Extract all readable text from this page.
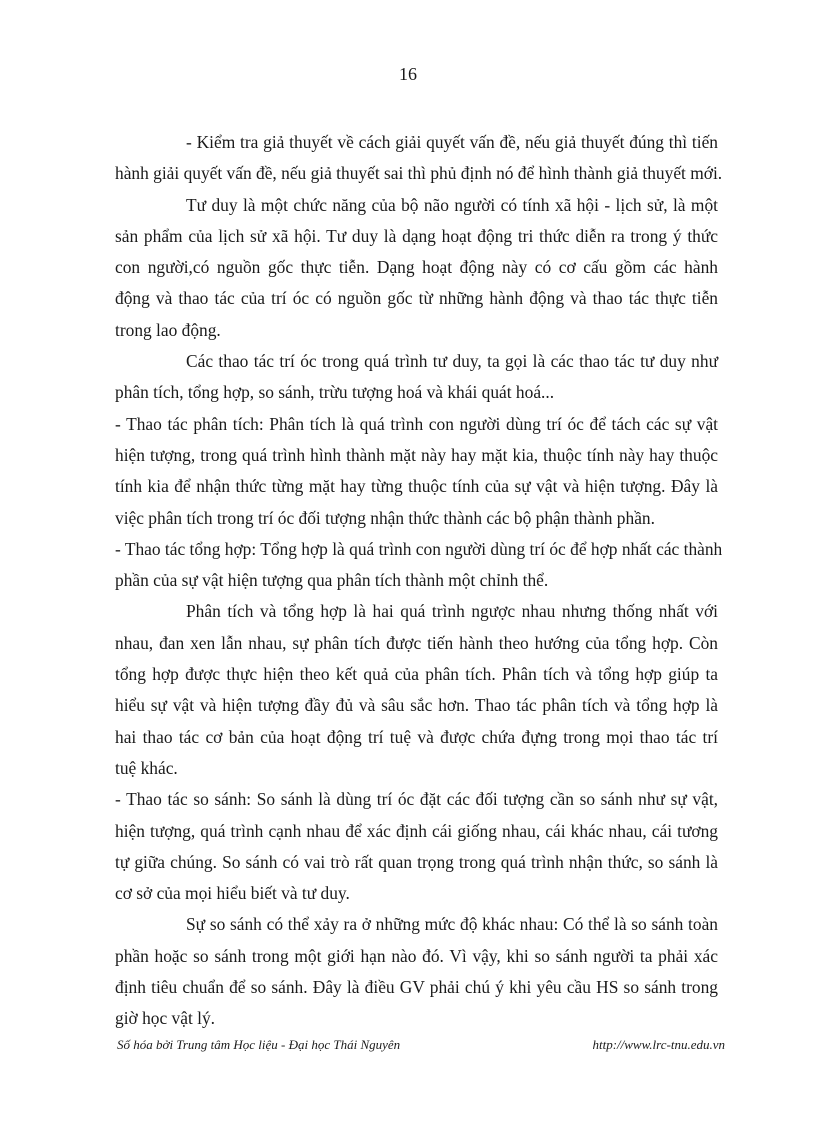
16
- Kiểm tra giả thuyết về cách giải quyết vấn đề, nếu giả thuyết đúng thì tiến
hành giải quyết vấn đề, nếu giả thuyết sai thì phủ định nó để hình thành giả thuyết mới.
Tư duy là một chức năng của bộ não người có tính xã hội - lịch sử, là một
sản phẩm của lịch sử xã hội. Tư duy là dạng hoạt động tri thức diễn ra trong ý thức
con người,có nguồn gốc thực tiễn. Dạng hoạt động này có cơ cấu gồm các hành
động và thao tác của trí óc có nguồn gốc từ những hành động và thao tác thực tiễn
trong lao động.
Các thao tác trí óc trong quá trình tư duy, ta gọi là các thao tác tư duy như
phân tích, tổng hợp, so sánh, trừu tượng hoá và khái quát hoá...
- Thao tác phân tích: Phân tích là quá trình con người dùng trí óc để tách các sự vật
hiện tượng, trong quá trình hình thành mặt này hay mặt kia, thuộc tính này hay thuộc
tính kia để nhận thức từng mặt hay từng thuộc tính của sự vật và hiện tượng. Đây là
việc phân tích trong trí óc đối tượng nhận thức thành các bộ phận thành phần.
- Thao tác tổng hợp: Tổng hợp là quá trình con người dùng trí óc để hợp nhất các thành
phần của sự vật hiện tượng qua phân tích thành một chỉnh thể.
Phân tích và tổng hợp là hai quá trình ngược nhau nhưng thống nhất với
nhau, đan xen lẫn nhau, sự phân tích được tiến hành theo hướng của tổng hợp. Còn
tổng hợp được thực hiện theo kết quả của phân tích. Phân tích và tổng hợp giúp ta
hiểu sự vật và hiện tượng đầy đủ và sâu sắc hơn. Thao tác phân tích và tổng hợp là
hai thao tác cơ bản của hoạt động trí tuệ và được chứa đựng trong mọi thao tác trí
tuệ khác.
- Thao tác so sánh: So sánh là dùng trí óc đặt các đối tượng cần so sánh như sự vật,
hiện tượng, quá trình cạnh nhau để xác định cái giống nhau, cái khác nhau, cái tương
tự giữa chúng. So sánh có vai trò rất quan trọng trong quá trình nhận thức, so sánh là
cơ sở của mọi hiểu biết và tư duy.
Sự so sánh có thể xảy ra ở những mức độ khác nhau: Có thể là so sánh toàn
phần hoặc so sánh trong một giới hạn nào đó. Vì vậy, khi so sánh người ta phải xác
định tiêu chuẩn để so sánh. Đây là điều GV phải chú ý khi yêu cầu HS so sánh trong
giờ học vật lý.
Số hóa bởi Trung tâm Học liệu - Đại học Thái Nguyên	http://www.lrc-tnu.edu.vn
